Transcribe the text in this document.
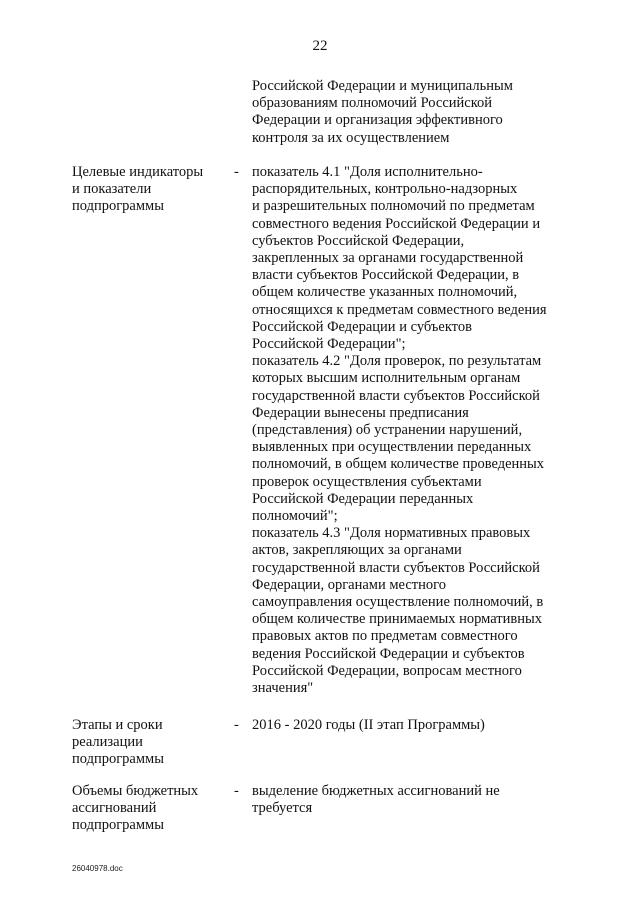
22
Российской Федерации и муниципальным
образованиям полномочий Российской
Федерации и организация эффективного
контроля за их осуществлением
Целевые индикаторы
и показатели
подпрограммы
- показатель 4.1 "Доля исполнительно-
распорядительных, контрольно-надзорных
и разрешительных полномочий по предметам
совместного ведения Российской Федерации и
субъектов Российской Федерации,
закрепленных за органами государственной
власти субъектов Российской Федерации, в
общем количестве указанных полномочий,
относящихся к предметам совместного ведения
Российской Федерации и субъектов
Российской Федерации";
показатель 4.2 "Доля проверок, по результатам
которых высшим исполнительным органам
государственной власти субъектов Российской
Федерации вынесены предписания
(представления) об устранении нарушений,
выявленных при осуществлении переданных
полномочий, в общем количестве проведенных
проверок осуществления субъектами
Российской Федерации переданных
полномочий";
показатель 4.3 "Доля нормативных правовых
актов, закрепляющих за органами
государственной власти субъектов Российской
Федерации, органами местного
самоуправления осуществление полномочий, в
общем количестве принимаемых нормативных
правовых актов по предметам совместного
ведения Российской Федерации и субъектов
Российской Федерации, вопросам местного
значения"
Этапы и сроки
реализации
подпрограммы
- 2016 - 2020 годы (II этап Программы)
Объемы бюджетных
ассигнований
подпрограммы
- выделение бюджетных ассигнований не
требуется
26040978.doc
